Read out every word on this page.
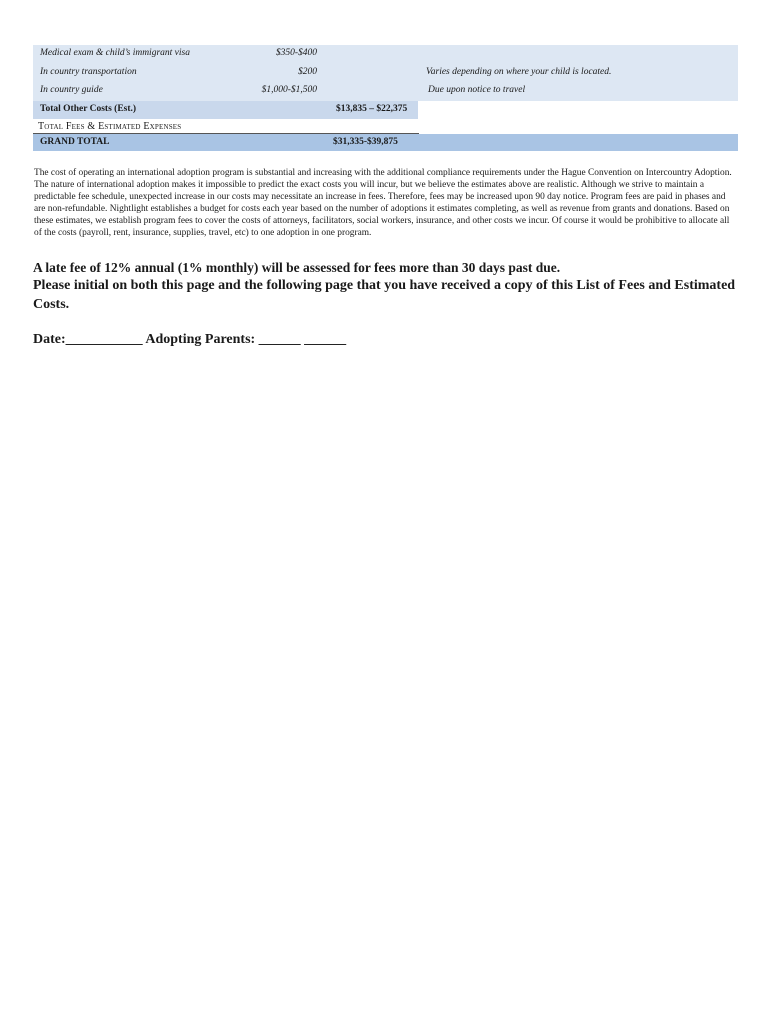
Medical exam & child’s immigrant visa	$350-$400
In country transportation	$200	Varies depending on where your child is located.
In country guide	$1,000-$1,500	Due upon notice to travel
Total Other Costs (Est.)	$13,835 – $22,375
Total Fees & Estimated Expenses
GRAND TOTAL	$31,335-$39,875
The cost of operating an international adoption program is substantial and increasing with the additional compliance requirements under the Hague Convention on Intercountry Adoption. The nature of international adoption makes it impossible to predict the exact costs you will incur, but we believe the estimates above are realistic. Although we strive to maintain a predictable fee schedule, unexpected increase in our costs may necessitate an increase in fees. Therefore, fees may be increased upon 90 day notice. Program fees are paid in phases and are non-refundable. Nightlight establishes a budget for costs each year based on the number of adoptions it estimates completing, as well as revenue from grants and donations. Based on these estimates, we establish program fees to cover the costs of attorneys, facilitators, social workers, insurance, and other costs we incur. Of course it would be prohibitive to allocate all of the costs (payroll, rent, insurance, supplies, travel, etc) to one adoption in one program.
A late fee of 12% annual (1% monthly) will be assessed for fees more than 30 days past due.
Please initial on both this page and the following page that you have received a copy of this List of Fees and Estimated Costs.
Date:___________ Adopting Parents: ______ ______
